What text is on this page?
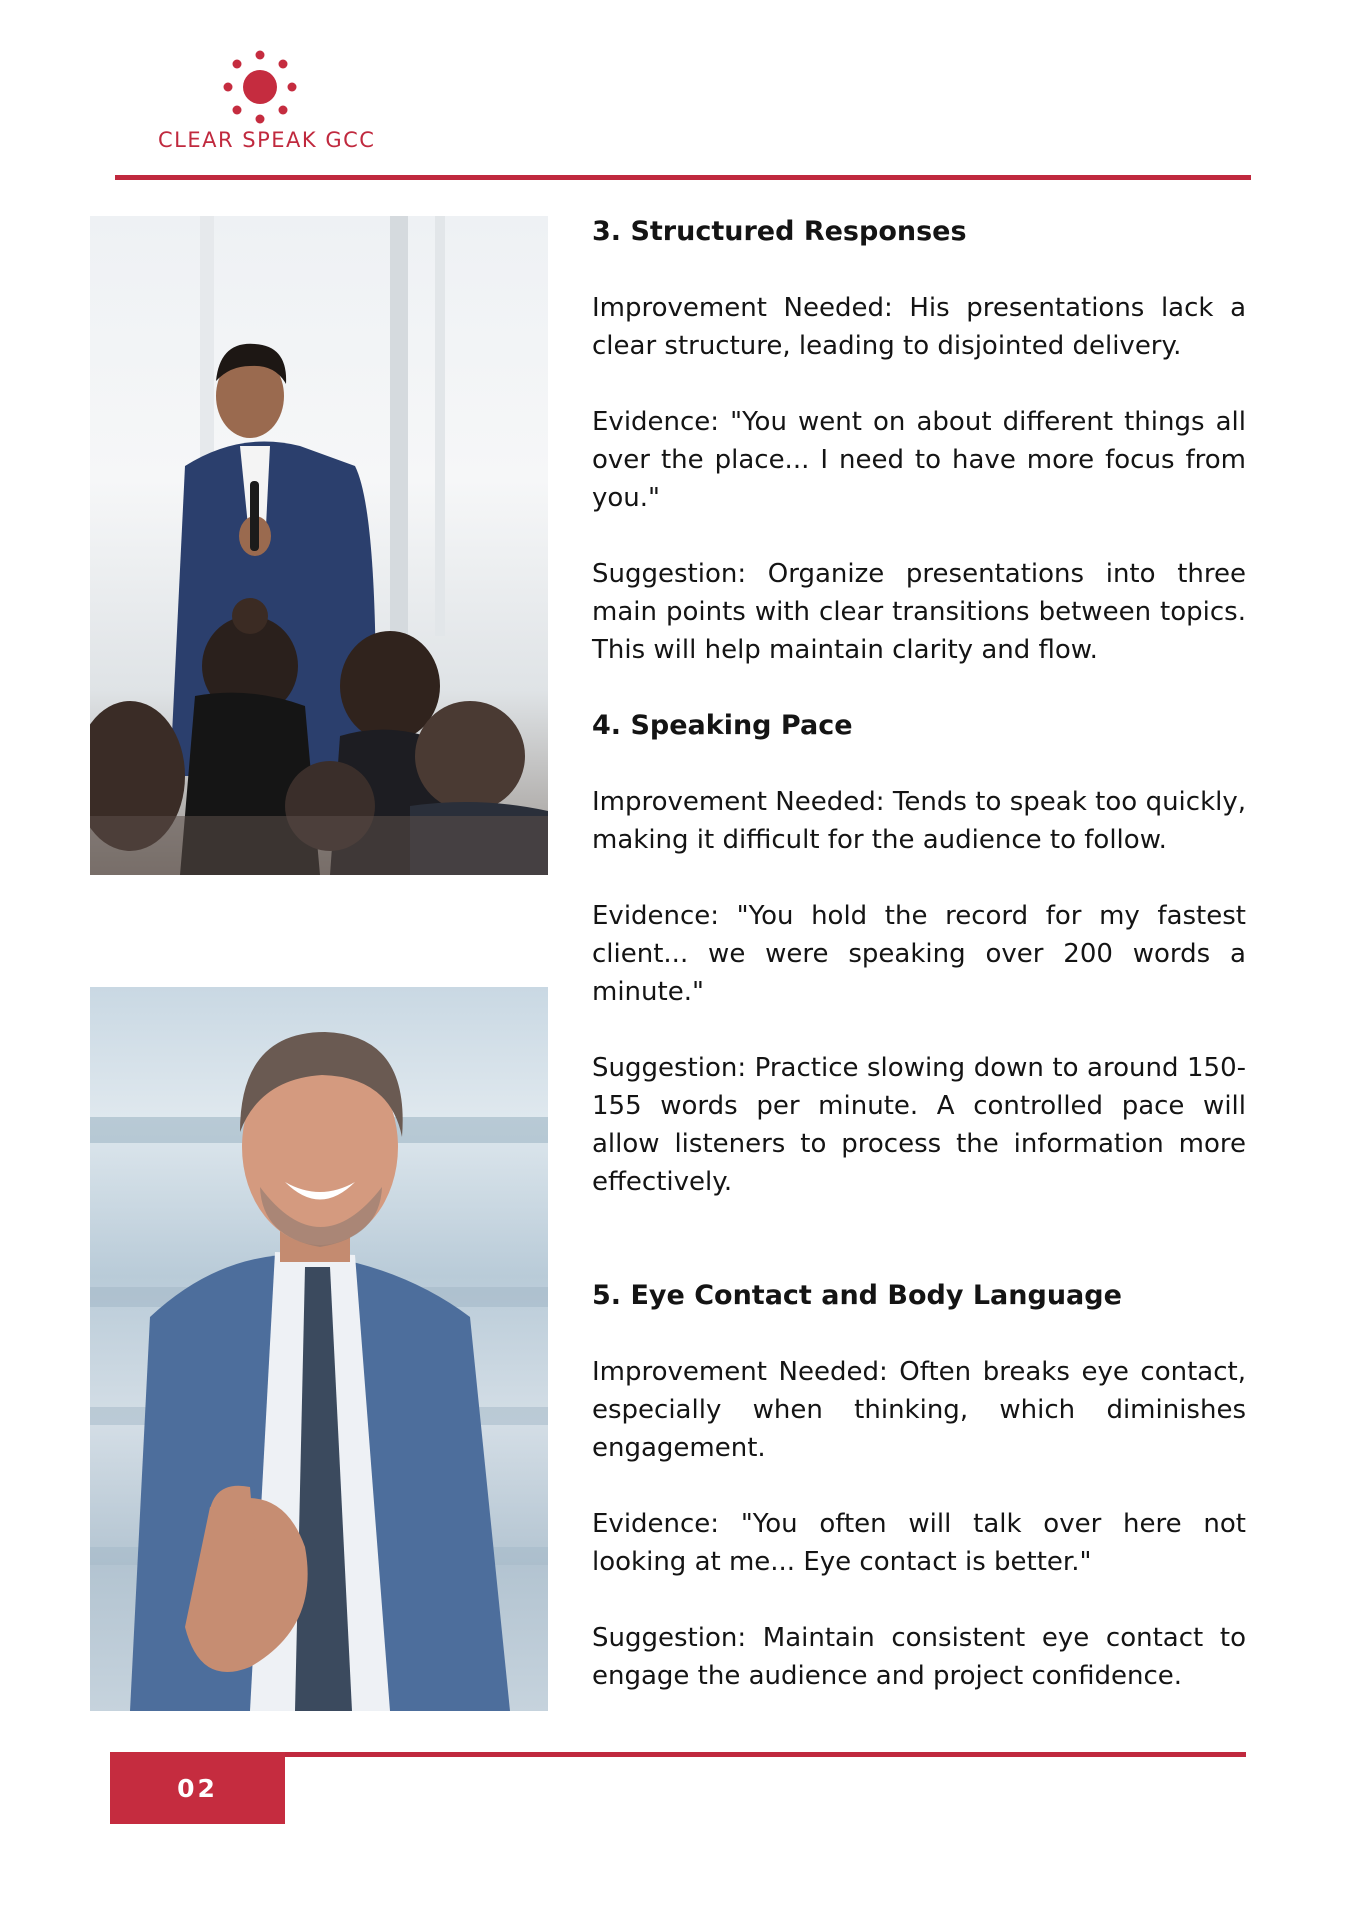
CLEAR SPEAK GCC
3. Structured Responses

Improvement Needed: His presentations lack a clear structure, leading to disjointed delivery.

Evidence: "You went on about different things all over the place... I need to have more focus from you."

Suggestion: Organize presentations into three main points with clear transitions between topics. This will help maintain clarity and flow.

4. Speaking Pace

Improvement Needed: Tends to speak too quickly, making it difficult for the audience to follow.

Evidence: "You hold the record for my fastest client... we were speaking over 200 words a minute."

Suggestion: Practice slowing down to around 150-155 words per minute. A controlled pace will allow listeners to process the information more effectively.

5. Eye Contact and Body Language

Improvement Needed: Often breaks eye contact, especially when thinking, which diminishes engagement.

Evidence: "You often will talk over here not looking at me... Eye contact is better."

Suggestion: Maintain consistent eye contact to engage the audience and project confidence.

02
